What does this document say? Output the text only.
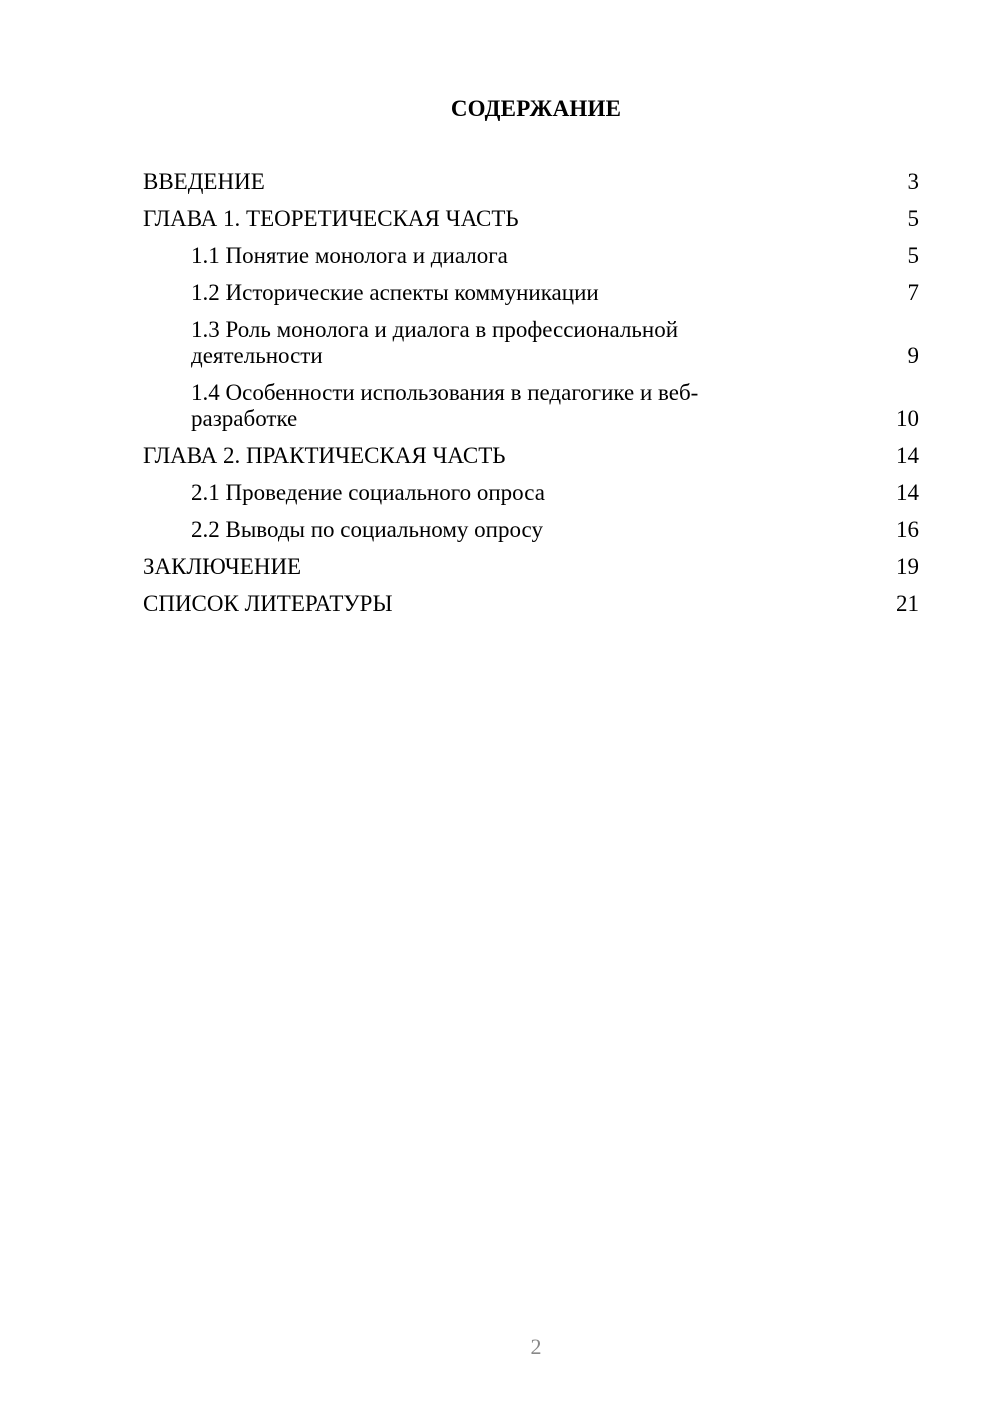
СОДЕРЖАНИЕ
ВВЕДЕНИЕ	3
ГЛАВА 1. ТЕОРЕТИЧЕСКАЯ ЧАСТЬ	5
1.1 Понятие монолога и диалога	5
1.2 Исторические аспекты коммуникации	7
1.3 Роль монолога и диалога в профессиональной деятельности	9
1.4 Особенности использования в педагогике и веб-разработке	10
ГЛАВА 2. ПРАКТИЧЕСКАЯ ЧАСТЬ	14
2.1 Проведение социального опроса	14
2.2 Выводы по социальному опросу	16
ЗАКЛЮЧЕНИЕ	19
СПИСОК ЛИТЕРАТУРЫ	21
2
